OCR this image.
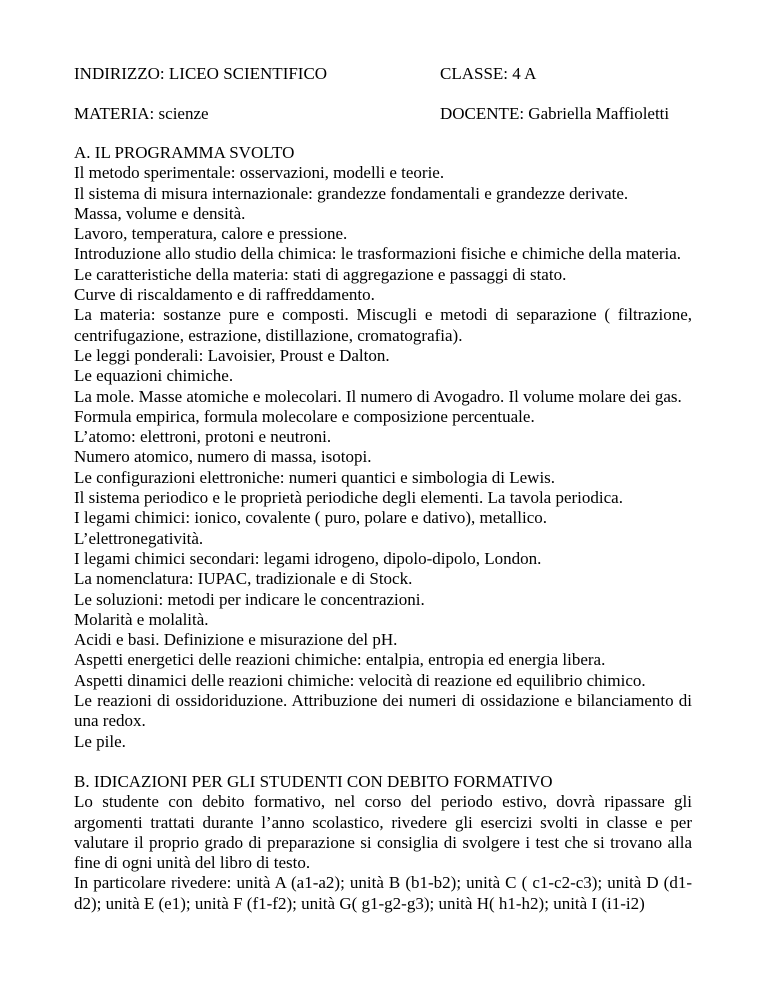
INDIRIZZO: LICEO SCIENTIFICO	CLASSE: 4 A
MATERIA: scienze	DOCENTE: Gabriella Maffioletti
A. IL PROGRAMMA SVOLTO
Il metodo sperimentale: osservazioni, modelli e teorie.
Il sistema di misura internazionale: grandezze fondamentali e grandezze derivate.
Massa, volume e densità.
Lavoro, temperatura, calore e pressione.
Introduzione allo studio della chimica: le trasformazioni fisiche e chimiche della materia.
Le caratteristiche della materia: stati di aggregazione e passaggi di stato.
Curve di riscaldamento e di raffreddamento.
La materia: sostanze pure e composti. Miscugli e metodi di separazione ( filtrazione, centrifugazione, estrazione, distillazione, cromatografia).
Le leggi ponderali: Lavoisier, Proust e Dalton.
Le equazioni chimiche.
La mole. Masse atomiche e molecolari. Il numero di Avogadro. Il volume molare dei gas.
Formula empirica, formula molecolare e composizione percentuale.
L’atomo: elettroni, protoni e neutroni.
Numero atomico, numero di massa, isotopi.
Le configurazioni elettroniche: numeri quantici e simbologia di Lewis.
Il sistema periodico e le proprietà periodiche degli elementi. La tavola periodica.
I legami chimici: ionico, covalente ( puro, polare e dativo), metallico.
L’elettronegatività.
I legami chimici secondari: legami idrogeno, dipolo-dipolo, London.
La nomenclatura: IUPAC, tradizionale e di Stock.
Le soluzioni: metodi per indicare le concentrazioni.
Molarità e molalità.
Acidi e basi. Definizione e misurazione del pH.
Aspetti energetici delle reazioni chimiche: entalpia, entropia ed energia libera.
Aspetti dinamici delle reazioni chimiche: velocità di reazione ed equilibrio chimico.
Le reazioni di ossidoriduzione. Attribuzione dei numeri di ossidazione e bilanciamento di una redox.
Le pile.
B. IDICAZIONI PER GLI STUDENTI CON DEBITO FORMATIVO
Lo studente con debito formativo, nel corso del periodo estivo, dovrà ripassare gli argomenti trattati durante l’anno scolastico, rivedere gli esercizi svolti in classe e per valutare il proprio grado di preparazione si consiglia di svolgere i test che si trovano alla fine di ogni unità del libro di testo.
In particolare rivedere: unità A (a1-a2); unità B (b1-b2); unità C ( c1-c2-c3); unità D (d1-d2); unità E (e1); unità F (f1-f2); unità G( g1-g2-g3); unità H( h1-h2); unità I (i1-i2)
